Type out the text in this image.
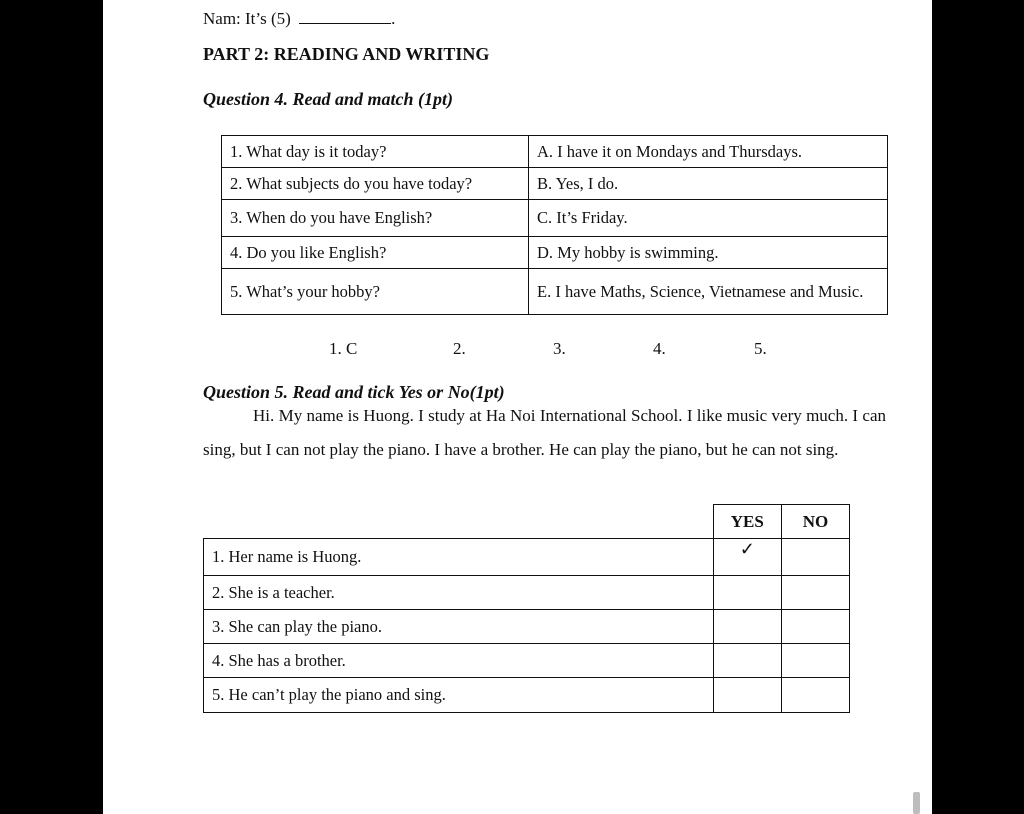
Nam: It’s (5)	.
PART 2: READING AND WRITING
Question 4. Read and match (1pt)
1. What day is it today?	A. I have it on Mondays and Thursdays.
2. What subjects do you have today?	B. Yes, I do.
3. When do you have English?	C. It’s Friday.
4. Do you like English?	D. My hobby is swimming.
5. What’s your hobby?	E. I have Maths, Science, Vietnamese and Music.
1. C	2.	3.	4.	5.
Question 5. Read and tick Yes or No(1pt)
Hi. My name is Huong. I study at Ha Noi International School. I like music very much. I can sing, but I can not play the piano. I have a brother. He can play the piano, but he can not sing.
	YES	NO
1. Her name is Huong.	✓	
2. She is a teacher.		
3. She can play the piano.		
4. She has a brother.		
5. He can’t play the piano and sing.		
